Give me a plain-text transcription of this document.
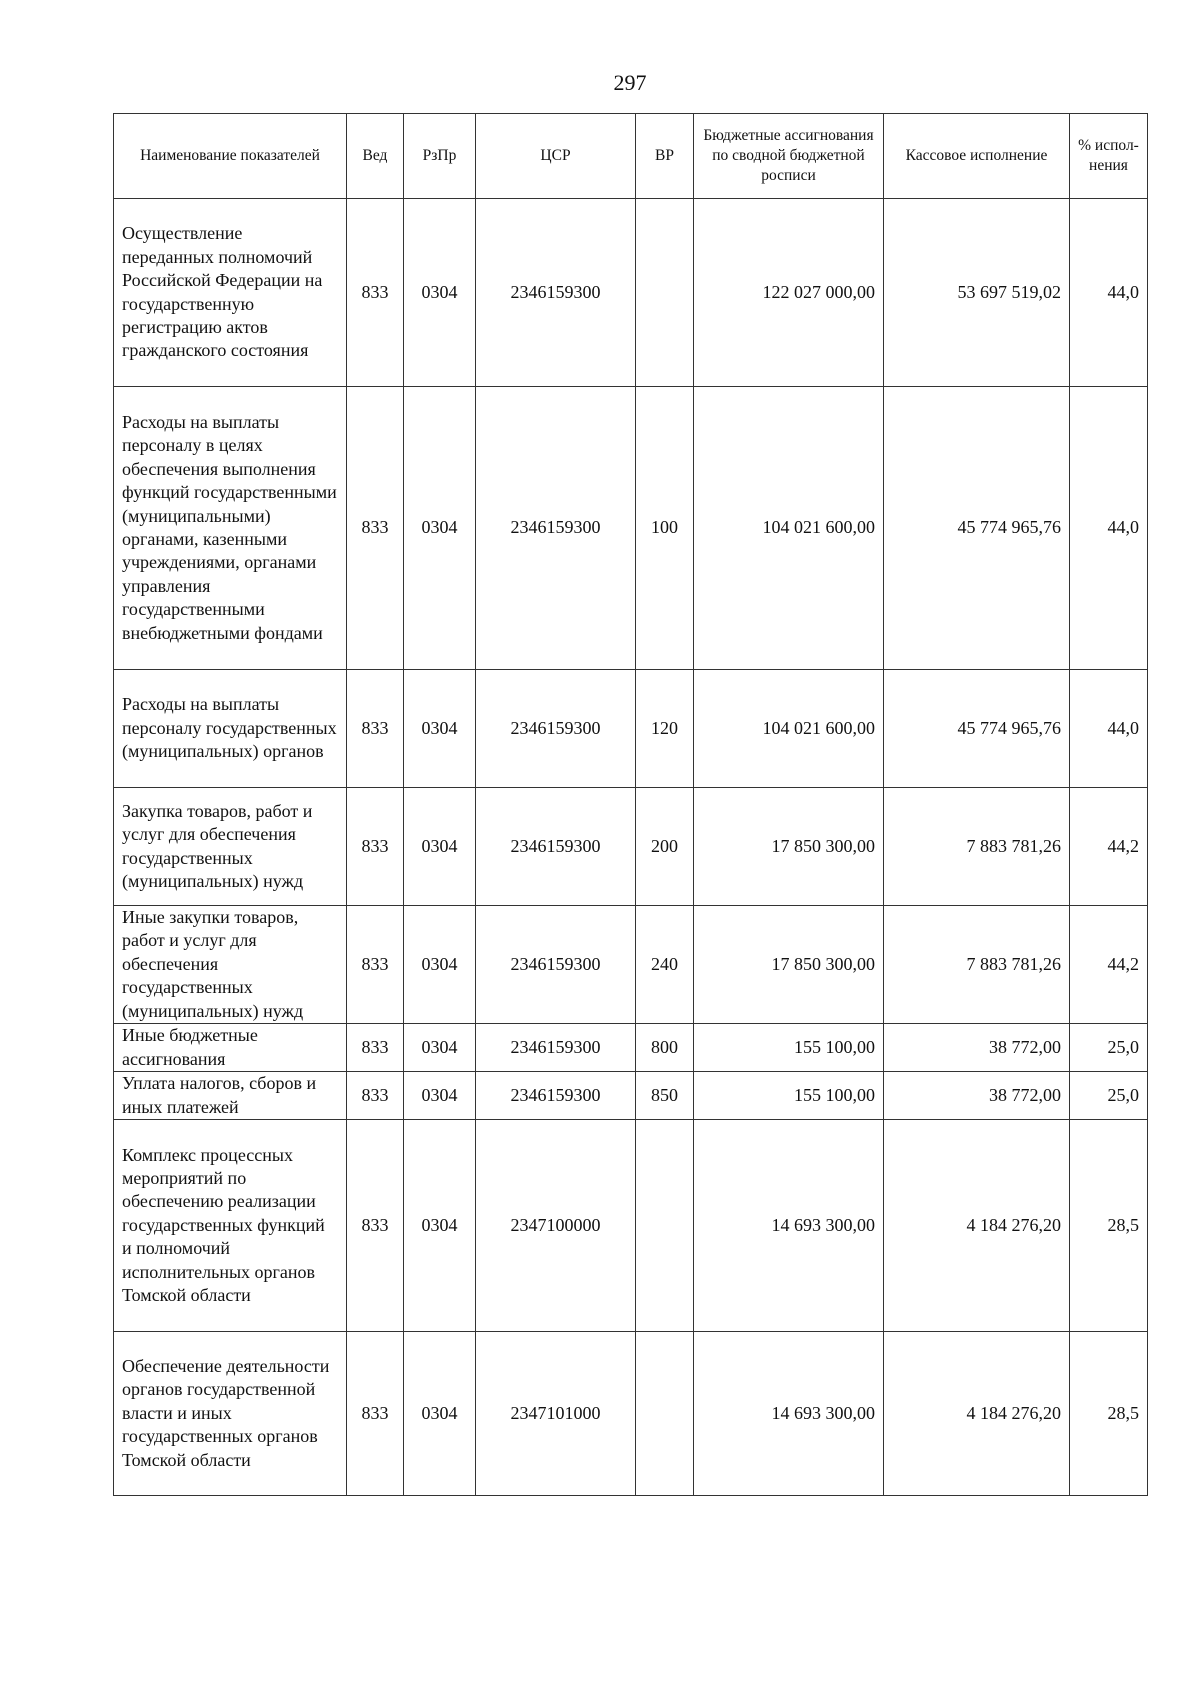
297
Наименование показателей	Вед	РзПр	ЦСР	ВР	Бюджетные ассигнования по сводной бюджетной росписи	Кассовое исполнение	% испол-нения
Осуществление переданных полномочий Российской Федерации на государственную регистрацию актов гражданского состояния	833	0304	2346159300		122 027 000,00	53 697 519,02	44,0
Расходы на выплаты персоналу в целях обеспечения выполнения функций государственными (муниципальными) органами, казенными учреждениями, органами управления государственными внебюджетными фондами	833	0304	2346159300	100	104 021 600,00	45 774 965,76	44,0
Расходы на выплаты персоналу государственных (муниципальных) органов	833	0304	2346159300	120	104 021 600,00	45 774 965,76	44,0
Закупка товаров, работ и услуг для обеспечения государственных (муниципальных) нужд	833	0304	2346159300	200	17 850 300,00	7 883 781,26	44,2
Иные закупки товаров, работ и услуг для обеспечения государственных (муниципальных) нужд	833	0304	2346159300	240	17 850 300,00	7 883 781,26	44,2
Иные бюджетные ассигнования	833	0304	2346159300	800	155 100,00	38 772,00	25,0
Уплата налогов, сборов и иных платежей	833	0304	2346159300	850	155 100,00	38 772,00	25,0
Комплекс процессных мероприятий по обеспечению реализации государственных функций и полномочий исполнительных органов Томской области	833	0304	2347100000		14 693 300,00	4 184 276,20	28,5
Обеспечение деятельности органов государственной власти и иных государственных органов Томской области	833	0304	2347101000		14 693 300,00	4 184 276,20	28,5
